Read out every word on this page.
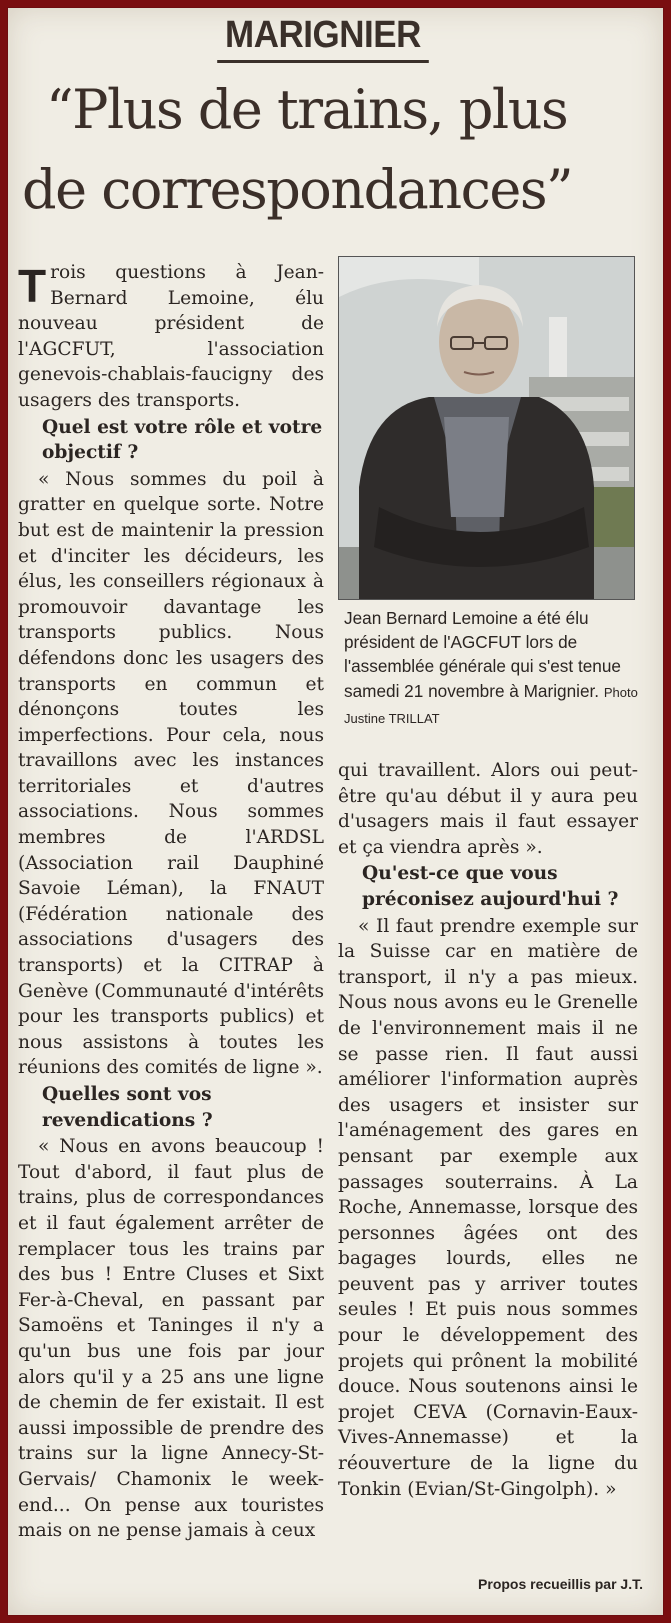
MARIGNIER
“Plus de trains, plus
de correspondances”

Trois questions à Jean-Bernard Lemoine, élu nouveau président de l'AGCFUT, l'association genevois-chablais-faucigny des usagers des transports.

Quel est votre rôle et votre objectif ?

« Nous sommes du poil à gratter en quelque sorte. Notre but est de maintenir la pression et d'inciter les décideurs, les élus, les conseillers régionaux à promouvoir davantage les transports publics. Nous défendons donc les usagers des transports en commun et dénonçons toutes les imperfections. Pour cela, nous travaillons avec les instances territoriales et d'autres associations. Nous sommes membres de l'ARDSL (Association rail Dauphiné Savoie Léman), la FNAUT (Fédération nationale des associations d'usagers des transports) et la CITRAP à Genève (Communauté d'intérêts pour les transports publics) et nous assistons à toutes les réunions des comités de ligne ».

Quelles sont vos revendications ?

« Nous en avons beaucoup ! Tout d'abord, il faut plus de trains, plus de correspondances et il faut également arrêter de remplacer tous les trains par des bus ! Entre Cluses et Sixt Fer-à-Cheval, en passant par Samoëns et Taninges il n'y a qu'un bus une fois par jour alors qu'il y a 25 ans une ligne de chemin de fer existait. Il est aussi impossible de prendre des trains sur la ligne Annecy-St-Gervais/ Chamonix le week-end... On pense aux touristes mais on ne pense jamais à ceux

Jean Bernard Lemoine a été élu président de l'AGCFUT lors de l'assemblée générale qui s'est tenue samedi 21 novembre à Marignier. Photo Justine TRILLAT

qui travaillent. Alors oui peut-être qu'au début il y aura peu d'usagers mais il faut essayer et ça viendra après ».

Qu'est-ce que vous préconisez aujourd'hui ?

« Il faut prendre exemple sur la Suisse car en matière de transport, il n'y a pas mieux. Nous nous avons eu le Grenelle de l'environnement mais il ne se passe rien. Il faut aussi améliorer l'information auprès des usagers et insister sur l'aménagement des gares en pensant par exemple aux passages souterrains. À La Roche, Annemasse, lorsque des personnes âgées ont des bagages lourds, elles ne peuvent pas y arriver toutes seules ! Et puis nous sommes pour le développement des projets qui prônent la mobilité douce. Nous soutenons ainsi le projet CEVA (Cornavin-Eaux-Vives-Annemasse) et la réouverture de la ligne du Tonkin (Evian/St-Gingolph). »

Propos recueillis par J.T.
